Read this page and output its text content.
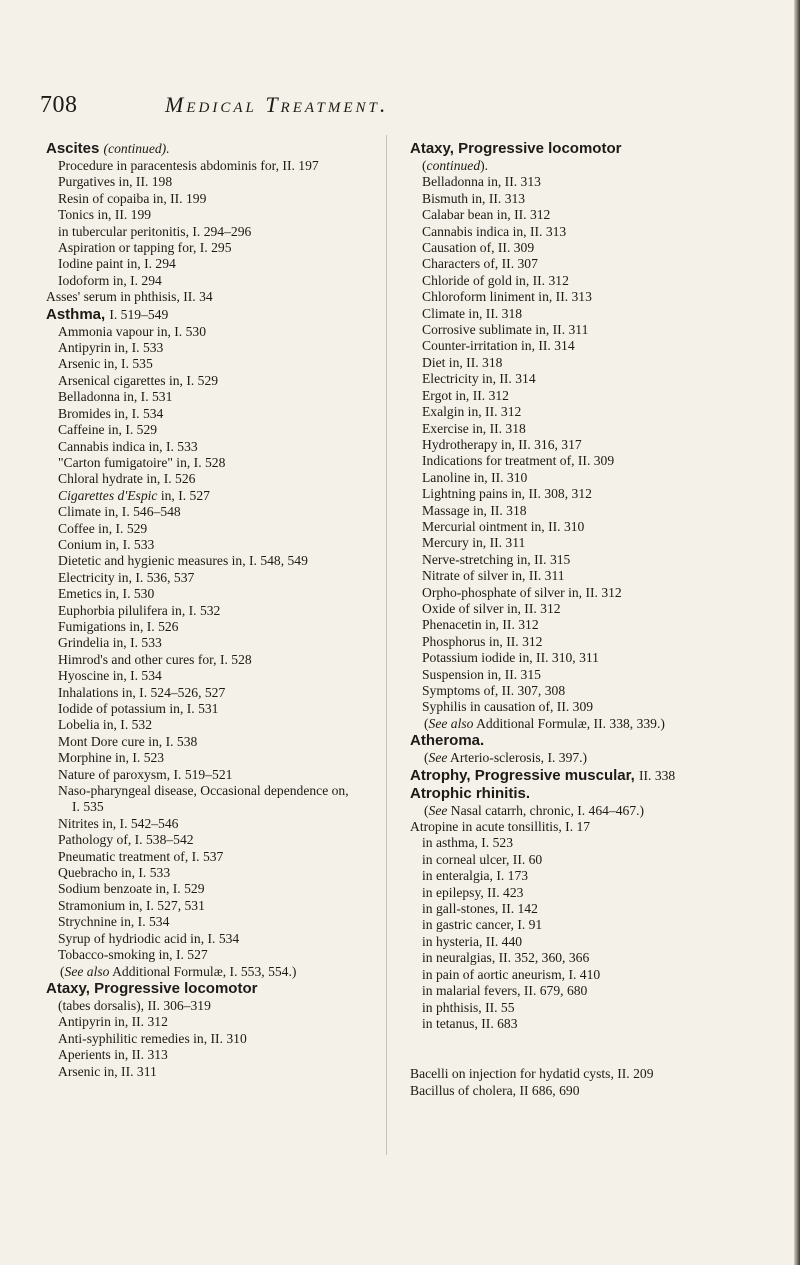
708	Medical Treatment.
Ascites (continued).
Procedure in paracentesis abdominis for, II. 197
Purgatives in, II. 198
Resin of copaiba in, II. 199
Tonics in, II. 199
in tubercular peritonitis, I. 294–296
Aspiration or tapping for, I. 295
Iodine paint in, I. 294
Iodoform in, I. 294
Asses' serum in phthisis, II. 34
Asthma, I. 519–549
Ammonia vapour in, I. 530
Antipyrin in, I. 533
Arsenic in, I. 535
Arsenical cigarettes in, I. 529
Belladonna in, I. 531
Bromides in, I. 534
Caffeine in, I. 529
Cannabis indica in, I. 533
"Carton fumigatoire" in, I. 528
Chloral hydrate in, I. 526
Cigarettes d'Espic in, I. 527
Climate in, I. 546–548
Coffee in, I. 529
Conium in, I. 533
Dietetic and hygienic measures in, I. 548, 549
Electricity in, I. 536, 537
Emetics in, I. 530
Euphorbia pilulifera in, I. 532
Fumigations in, I. 526
Grindelia in, I. 533
Himrod's and other cures for, I. 528
Hyoscine in, I. 534
Inhalations in, I. 524–526, 527
Iodide of potassium in, I. 531
Lobelia in, I. 532
Mont Dore cure in, I. 538
Morphine in, I. 523
Nature of paroxysm, I. 519–521
Naso-pharyngeal disease, Occasional dependence on, I. 535
Nitrites in, I. 542–546
Pathology of, I. 538–542
Pneumatic treatment of, I. 537
Quebracho in, I. 533
Sodium benzoate in, I. 529
Stramonium in, I. 527, 531
Strychnine in, I. 534
Syrup of hydriodic acid in, I. 534
Tobacco-smoking in, I. 527
(See also Additional Formulæ, I. 553, 554.)
Ataxy, Progressive locomotor
(tabes dorsalis), II. 306–319
Antipyrin in, II. 312
Anti-syphilitic remedies in, II. 310
Aperients in, II. 313
Arsenic in, II. 311
Ataxy, Progressive locomotor
(continued).
Belladonna in, II. 313
Bismuth in, II. 313
Calabar bean in, II. 312
Cannabis indica in, II. 313
Causation of, II. 309
Characters of, II. 307
Chloride of gold in, II. 312
Chloroform liniment in, II. 313
Climate in, II. 318
Corrosive sublimate in, II. 311
Counter-irritation in, II. 314
Diet in, II. 318
Electricity in, II. 314
Ergot in, II. 312
Exalgin in, II. 312
Exercise in, II. 318
Hydrotherapy in, II. 316, 317
Indications for treatment of, II. 309
Lanoline in, II. 310
Lightning pains in, II. 308, 312
Massage in, II. 318
Mercurial ointment in, II. 310
Mercury in, II. 311
Nerve-stretching in, II. 315
Nitrate of silver in, II. 311
Orpho-phosphate of silver in, II. 312
Oxide of silver in, II. 312
Phenacetin in, II. 312
Phosphorus in, II. 312
Potassium iodide in, II. 310, 311
Suspension in, II. 315
Symptoms of, II. 307, 308
Syphilis in causation of, II. 309
(See also Additional Formulæ, II. 338, 339.)
Atheroma.
(See Arterio-sclerosis, I. 397.)
Atrophy, Progressive muscular, II. 338
Atrophic rhinitis.
(See Nasal catarrh, chronic, I. 464–467.)
Atropine in acute tonsillitis, I. 17
in asthma, I. 523
in corneal ulcer, II. 60
in enteralgia, I. 173
in epilepsy, II. 423
in gall-stones, II. 142
in gastric cancer, I. 91
in hysteria, II. 440
in neuralgias, II. 352, 360, 366
in pain of aortic aneurism, I. 410
in malarial fevers, II. 679, 680
in phthisis, II. 55
in tetanus, II. 683
Bacelli on injection for hydatid cysts, II. 209
Bacillus of cholera, II 686, 690
